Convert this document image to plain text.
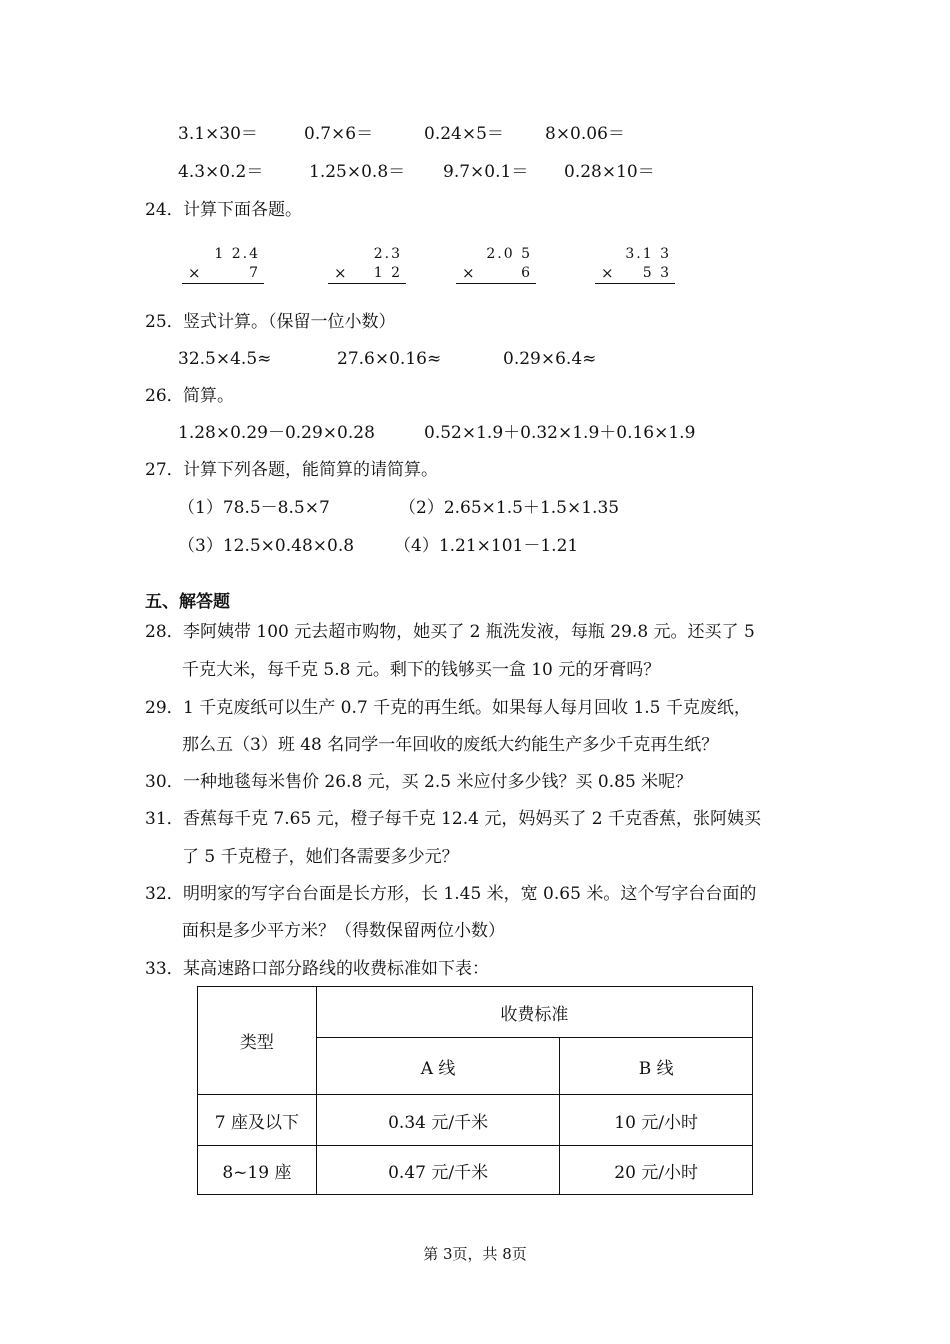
3.1×30＝	0.7×6＝	0.24×5＝ 8×0.06＝
4.3×0.2＝	1.25×0.8＝ 9.7×0.1＝ 0.28×10＝
24．计算下面各题。
1 2.4
×	7
2.3
× 1 2
2.0 5
×	6
3.1 3
× 5 3
25．竖式计算。（保留一位小数）
32.5×4.5≈	27.6×0.16≈	0.29×6.4≈
26．简算。
1.28×0.29－0.29×0.28	0.52×1.9＋0.32×1.9＋0.16×1.9
27．计算下列各题，能简算的请简算。
（1）78.5－8.5×7	（2）2.65×1.5＋1.5×1.35
（3）12.5×0.48×0.8 （4）1.21×101－1.21
五、解答题
28．李阿姨带 100 元去超市购物，她买了 2 瓶洗发液，每瓶 29.8 元。还买了 5
千克大米，每千克 5.8 元。剩下的钱够买一盒 10 元的牙膏吗？
29．1 千克废纸可以生产 0.7 千克的再生纸。如果每人每月回收 1.5 千克废纸，
那么五（3）班 48 名同学一年回收的废纸大约能生产多少千克再生纸？
30．一种地毯每米售价 26.8 元，买 2.5 米应付多少钱？买 0.85 米呢？
31．香蕉每千克 7.65 元，橙子每千克 12.4 元，妈妈买了 2 千克香蕉，张阿姨买
了 5 千克橙子，她们各需要多少元？
32．明明家的写字台台面是长方形，长 1.45 米，宽 0.65 米。这个写字台台面的
面积是多少平方米？（得数保留两位小数）
33．某高速路口部分路线的收费标准如下表：
类型	收费标准	
	A 线	B 线
7 座及以下	0.34 元/千米	10 元/小时
8~19 座	0.47 元/千米	20 元/小时
第 3页，共 8页
